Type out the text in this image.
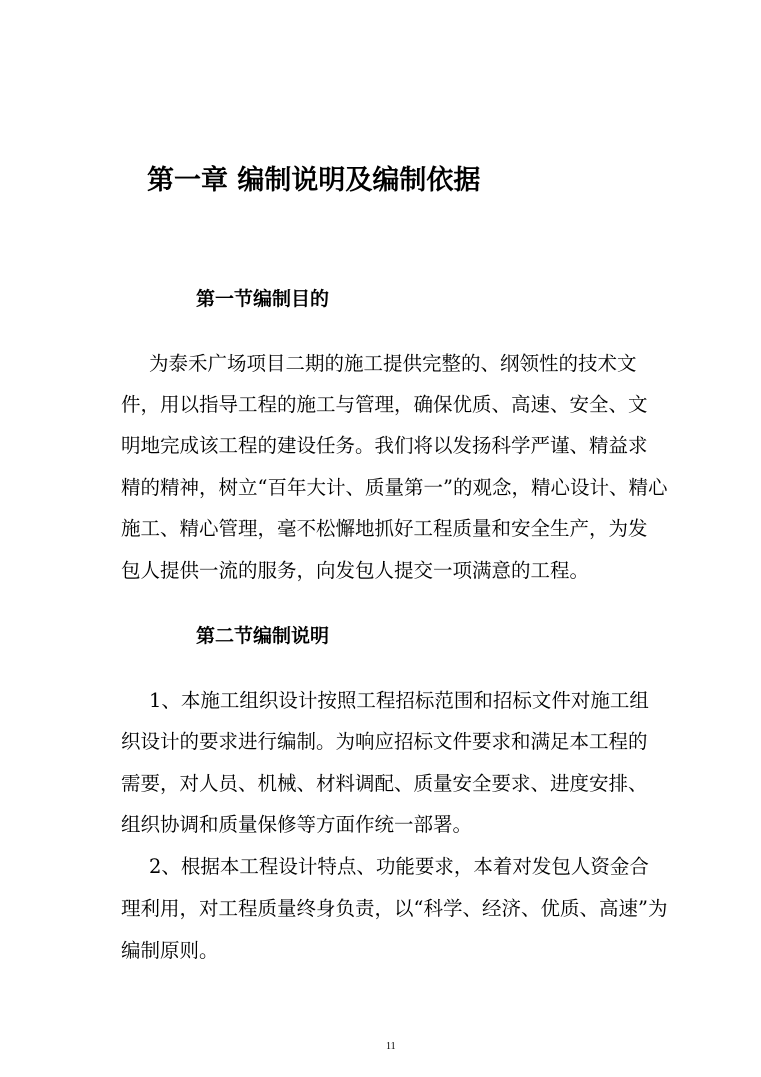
第一章 编制说明及编制依据
第一节编制目的
为泰禾广场项目二期的施工提供完整的、纲领性的技术文
件，用以指导工程的施工与管理，确保优质、高速、安全、文
明地完成该工程的建设任务。我们将以发扬科学严谨、精益求
精的精神，树立“百年大计、质量第一”的观念，精心设计、精心
施工、精心管理，毫不松懈地抓好工程质量和安全生产，为发
包人提供一流的服务，向发包人提交一项满意的工程。
第二节编制说明
1、本施工组织设计按照工程招标范围和招标文件对施工组
织设计的要求进行编制。为响应招标文件要求和满足本工程的
需要，对人员、机械、材料调配、质量安全要求、进度安排、
组织协调和质量保修等方面作统一部署。
2、根据本工程设计特点、功能要求，本着对发包人资金合
理利用，对工程质量终身负责，以“科学、经济、优质、高速”为
编制原则。
11
